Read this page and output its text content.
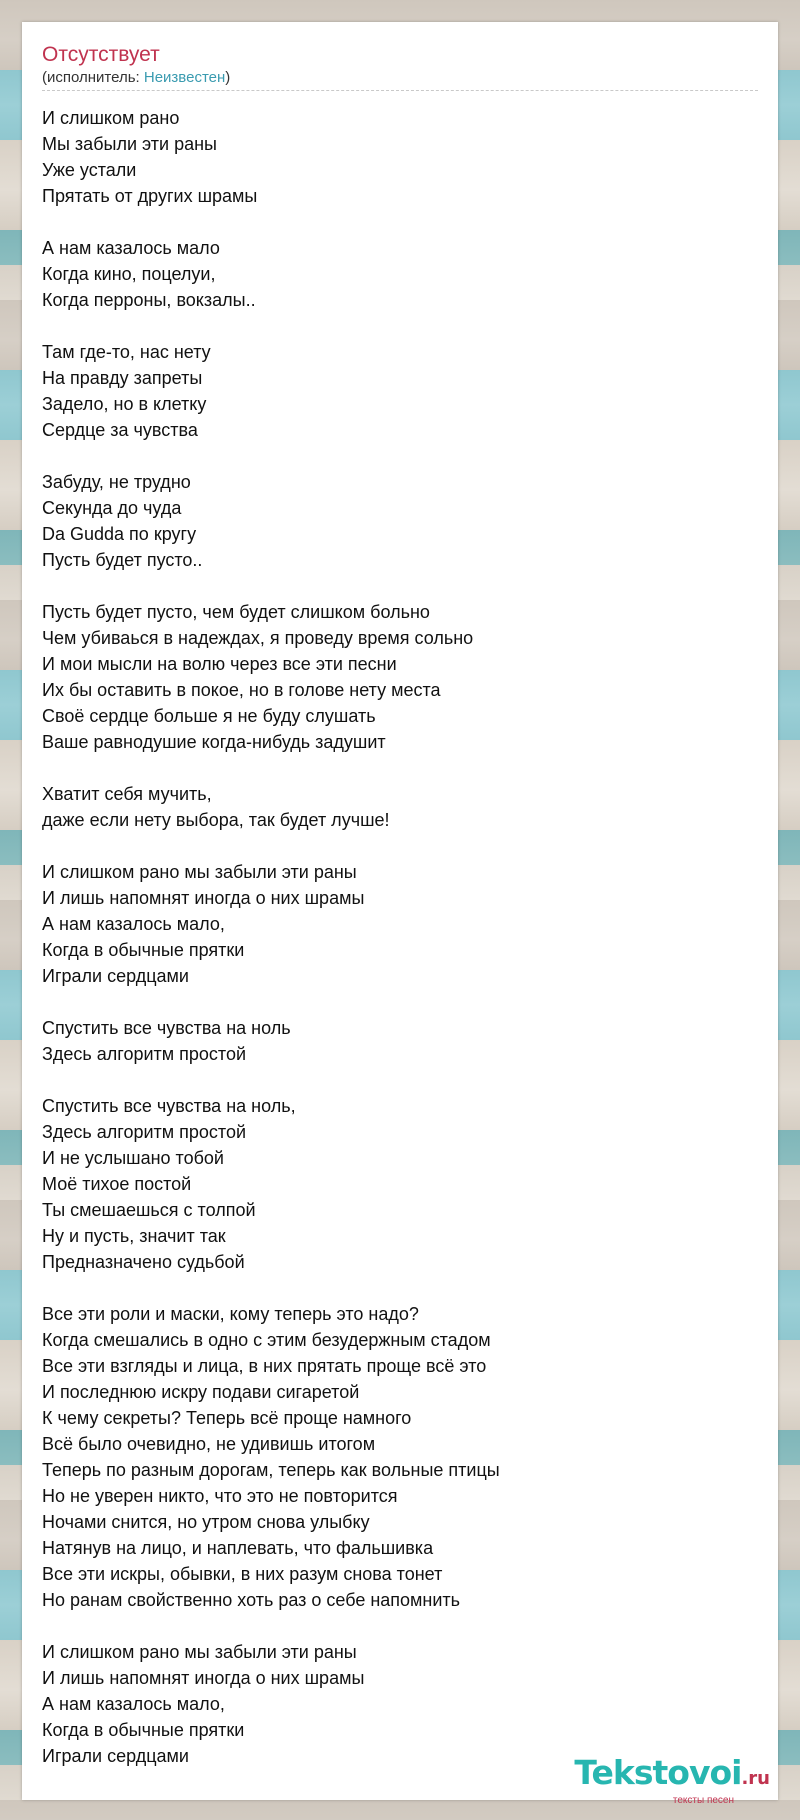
Отсутствует
(исполнитель: Неизвестен)
И слишком рано
Мы забыли эти раны
Уже устали
Прятать от других шрамы
А нам казалось мало
Когда кино, поцелуи,
Когда перроны, вокзалы..
Там где-то, нас нету
На правду запреты
Задело, но в клетку
Сердце за чувства
Забуду, не трудно
Секунда до чуда
Da Gudda по кругу
Пусть будет пусто..
Пусть будет пусто, чем будет слишком больно
Чем убиваься в надеждах, я проведу время сольно
И мои мысли на волю через все эти песни
Их бы оставить в покое, но в голове нету места
Своё сердце больше я не буду слушать
Ваше равнодушие когда-нибудь задушит
Хватит себя мучить,
даже если нету выбора, так будет лучше!
И слишком рано мы забыли эти раны
И лишь напомнят иногда о них шрамы
А нам казалось мало,
Когда в обычные прятки
Играли сердцами
Спустить все чувства на ноль
Здесь алгоритм простой
Спустить все чувства на ноль,
Здесь алгоритм простой
И не услышано тобой
Моё тихое постой
Ты смешаешься с толпой
Ну и пусть, значит так
Предназначено судьбой
Все эти роли и маски, кому теперь это надо?
Когда смешались в одно с этим безудержным стадом
Все эти взгляды и лица, в них прятать проще всё это
И последнюю искру подави сигаретой
К чему секреты? Теперь всё проще намного
Всё было очевидно, не удивишь итогом
Теперь по разным дорогам, теперь как вольные птицы
Но не уверен никто, что это не повторится
Ночами снится, но утром снова улыбку
Натянув на лицо, и наплевать, что фальшивка
Все эти искры, обывки, в них разум снова тонет
Но ранам свойственно хоть раз о себе напомнить
И слишком рано мы забыли эти раны
И лишь напомнят иногда о них шрамы
А нам казалось мало,
Когда в обычные прятки
Играли сердцами	Tekstovoi.ru
тексты песен
